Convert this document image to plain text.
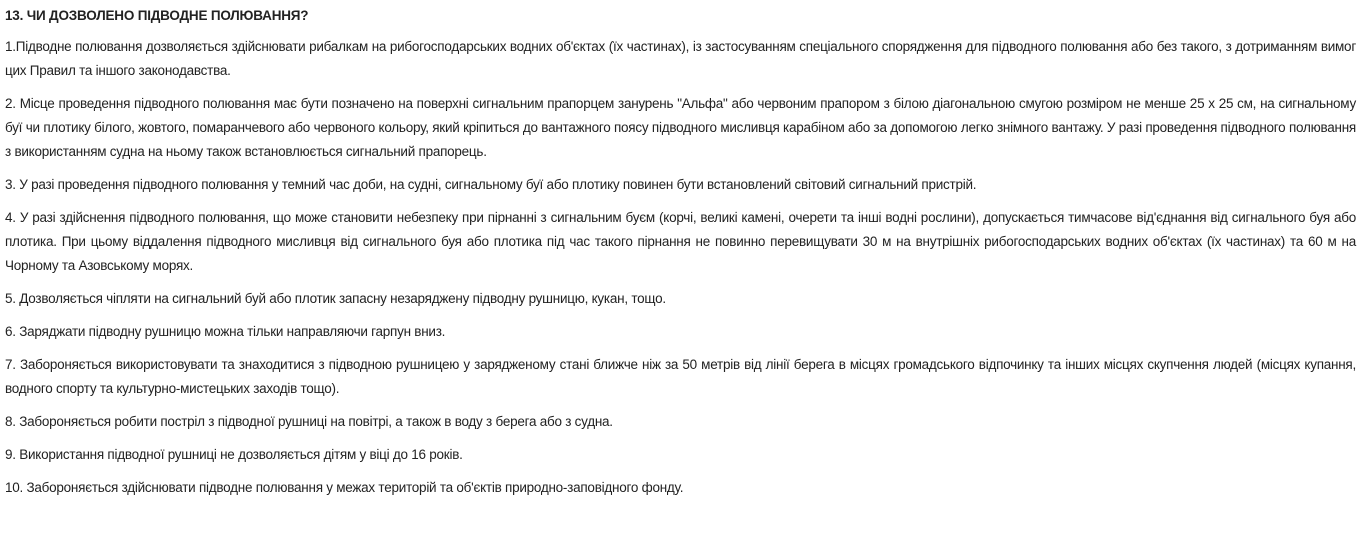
13. ЧИ ДОЗВОЛЕНО ПІДВОДНЕ ПОЛЮВАННЯ?

1.Підводне полювання дозволяється здійснювати рибалкам на рибогосподарських водних об'єктах (їх частинах), із застосуванням спеціального спорядження для підводного полювання або без такого, з дотриманням вимог цих Правил та іншого законодавства.

2. Місце проведення підводного полювання має бути позначено на поверхні сигнальним прапорцем занурень "Альфа" або червоним прапором з білою діагональною смугою розміром не менше 25 х 25 см, на сигнальному буї чи плотику білого, жовтого, помаранчевого або червоного кольору, який кріпиться до вантажного поясу підводного мисливця карабіном або за допомогою легко знімного вантажу. У разі проведення підводного полювання з використанням судна на ньому також встановлюється сигнальний прапорець.

3. У разі проведення підводного полювання у темний час доби, на судні, сигнальному буї або плотику повинен бути встановлений світовий сигнальний пристрій.

4. У разі здійснення підводного полювання, що може становити небезпеку при пірнанні з сигнальним буєм (корчі, великі камені, очерети та інші водні рослини), допускається тимчасове від'єднання від сигнального буя або плотика. При цьому віддалення підводного мисливця від сигнального буя або плотика під час такого пірнання не повинно перевищувати 30 м на внутрішніх рибогосподарських водних об'єктах (їх частинах) та 60 м на Чорному та Азовському морях.

5. Дозволяється чіпляти на сигнальний буй або плотик запасну незаряджену підводну рушницю, кукан, тощо.

6. Заряджати підводну рушницю можна тільки направляючи гарпун вниз.

7. Забороняється використовувати та знаходитися з підводною рушницею у зарядженому стані ближче ніж за 50 метрів від лінії берега в місцях громадського відпочинку та інших місцях скупчення людей (місцях купання, водного спорту та культурно-мистецьких заходів тощо).

8. Забороняється робити постріл з підводної рушниці на повітрі, а також в воду з берега або з судна.

9. Використання підводної рушниці не дозволяється дітям у віці до 16 років.

10. Забороняється здійснювати підводне полювання у межах територій та об'єктів природно-заповідного фонду.
